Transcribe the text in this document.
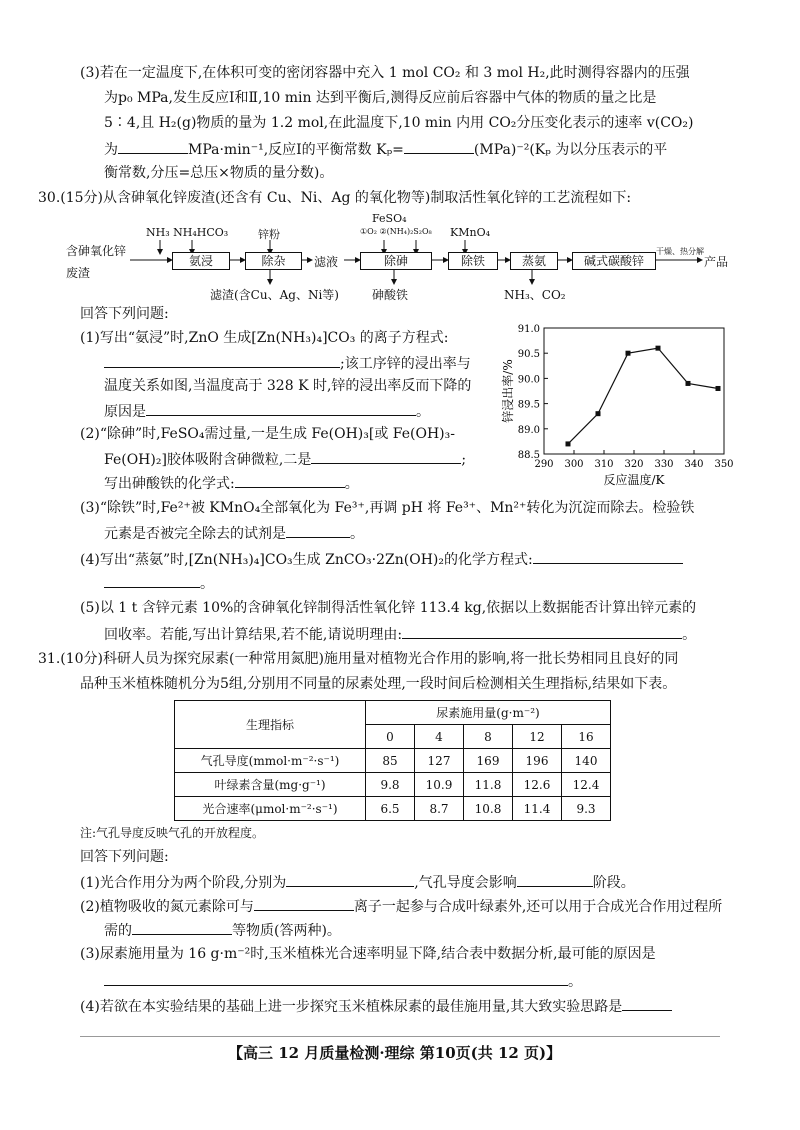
(3)若在一定温度下,在体积可变的密闭容器中充入 1 mol CO₂ 和 3 mol H₂,此时测得容器内的压强
为p₀ MPa,发生反应Ⅰ和Ⅱ,10 min 达到平衡后,测得反应前后容器中气体的物质的量之比是
5∶4,且 H₂(g)物质的量为 1.2 mol,在此温度下,10 min 内用 CO₂分压变化表示的速率 v(CO₂)
为	MPa·min⁻¹,反应Ⅰ的平衡常数 Kₚ=	(MPa)⁻²(Kₚ 为以分压表示的平
衡常数,分压=总压×物质的量分数)。
30.(15分)从含砷氧化锌废渣(还含有 Cu、Ni、Ag 的氧化物等)制取活性氧化锌的工艺流程如下:
含砷氧化锌
废渣
NH₃ NH₄HCO₃	锌粉
FeSO₄
①O₂ ②(NH₄)₂S₂O₈ KMnO₄
氨浸	除杂	滤液	除砷	除铁	蒸氨	碱式碳酸锌
干燥、热分解
产品
滤渣(含Cu、Ag、Ni等)	砷酸铁	NH₃、CO₂
回答下列问题:
(1)写出“氨浸”时,ZnO 生成[Zn(NH₃)₄]CO₃ 的离子方程式:
;该工序锌的浸出率与
温度关系如图,当温度高于 328 K 时,锌的浸出率反而下降的
原因是	。
(2)“除砷”时,FeSO₄需过量,一是生成 Fe(OH)₃[或 Fe(OH)₃-
Fe(OH)₂]胶体吸附含砷微粒,二是	;
写出砷酸铁的化学式:	。
290 300 310 320 330 340 350
88.5
89.0
89.5
90.0
90.5
91.0
反应温度/K
锌浸出率/%
(3)“除铁”时,Fe²⁺被 KMnO₄全部氧化为 Fe³⁺,再调 pH 将 Fe³⁺、Mn²⁺转化为沉淀而除去。检验铁
元素是否被完全除去的试剂是	。
(4)写出“蒸氨”时,[Zn(NH₃)₄]CO₃生成 ZnCO₃·2Zn(OH)₂的化学方程式:
。
(5)以 1 t 含锌元素 10%的含砷氧化锌制得活性氧化锌 113.4 kg,依据以上数据能否计算出锌元素的
回收率。若能,写出计算结果,若不能,请说明理由:	。
31.(10分)科研人员为探究尿素(一种常用氮肥)施用量对植物光合作用的影响,将一批长势相同且良好的同
品种玉米植株随机分为5组,分别用不同量的尿素处理,一段时间后检测相关生理指标,结果如下表。
生理指标	尿素施用量(g·m⁻²)				
	0	4	8	12	16
气孔导度(mmol·m⁻²·s⁻¹)	85	127	169	196	140
叶绿素含量(mg·g⁻¹)	9.8	10.9	11.8	12.6	12.4
光合速率(μmol·m⁻²·s⁻¹)	6.5	8.7	10.8	11.4	9.3
注:气孔导度反映气孔的开放程度。
回答下列问题:
(1)光合作用分为两个阶段,分别为	,气孔导度会影响	阶段。
(2)植物吸收的氮元素除可与	离子一起参与合成叶绿素外,还可以用于合成光合作用过程所
需的	等物质(答两种)。
(3)尿素施用量为 16 g·m⁻²时,玉米植株光合速率明显下降,结合表中数据分析,最可能的原因是
。
(4)若欲在本实验结果的基础上进一步探究玉米植株尿素的最佳施用量,其大致实验思路是
【高三 12 月质量检测·理综 第10页(共 12 页)】
